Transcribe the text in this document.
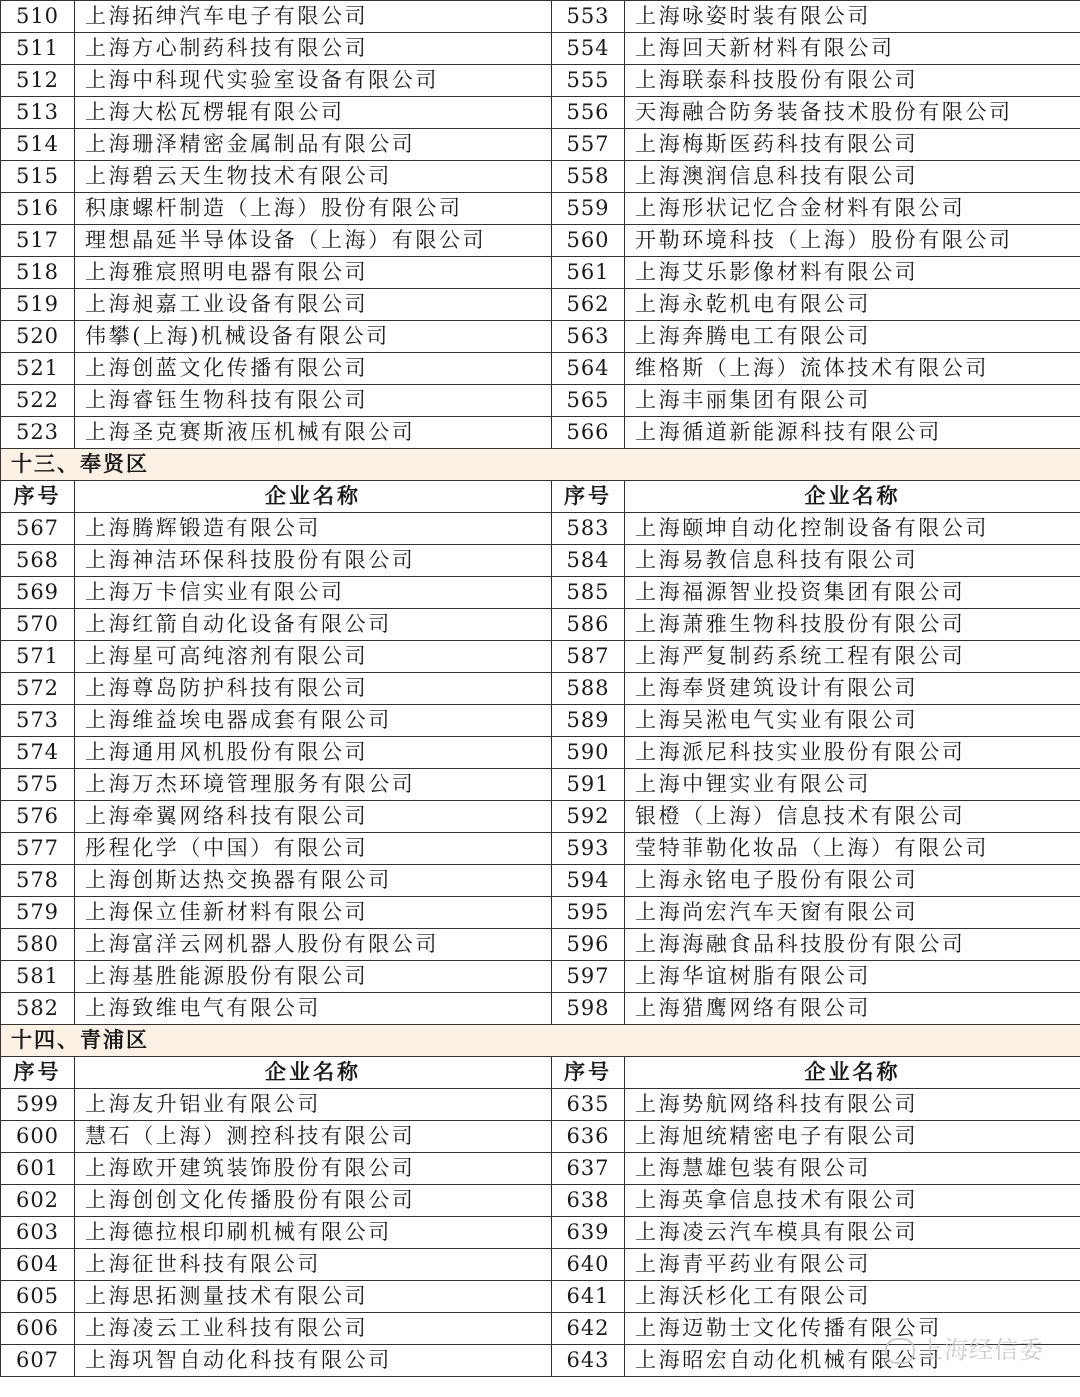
510	上海拓绅汽车电子有限公司	553	上海咏姿时装有限公司
511	上海方心制药科技有限公司	554	上海回天新材料有限公司
512	上海中科现代实验室设备有限公司	555	上海联泰科技股份有限公司
513	上海大松瓦楞辊有限公司	556	天海融合防务装备技术股份有限公司
514	上海珊泽精密金属制品有限公司	557	上海梅斯医药科技有限公司
515	上海碧云天生物技术有限公司	558	上海澳润信息科技有限公司
516	积康螺杆制造（上海）股份有限公司	559	上海形状记忆合金材料有限公司
517	理想晶延半导体设备（上海）有限公司	560	开勒环境科技（上海）股份有限公司
518	上海雅宸照明电器有限公司	561	上海艾乐影像材料有限公司
519	上海昶嘉工业设备有限公司	562	上海永乾机电有限公司
520	伟攀(上海)机械设备有限公司	563	上海奔腾电工有限公司
521	上海创蓝文化传播有限公司	564	维格斯（上海）流体技术有限公司
522	上海睿钰生物科技有限公司	565	上海丰丽集团有限公司
523	上海圣克赛斯液压机械有限公司	566	上海循道新能源科技有限公司
十三、奉贤区			
序号	企业名称	序号	企业名称
567	上海腾辉锻造有限公司	583	上海颐坤自动化控制设备有限公司
568	上海神洁环保科技股份有限公司	584	上海易教信息科技有限公司
569	上海万卡信实业有限公司	585	上海福源智业投资集团有限公司
570	上海红箭自动化设备有限公司	586	上海萧雅生物科技股份有限公司
571	上海星可高纯溶剂有限公司	587	上海严复制药系统工程有限公司
572	上海尊岛防护科技有限公司	588	上海奉贤建筑设计有限公司
573	上海维益埃电器成套有限公司	589	上海吴淞电气实业有限公司
574	上海通用风机股份有限公司	590	上海派尼科技实业股份有限公司
575	上海万杰环境管理服务有限公司	591	上海中锂实业有限公司
576	上海牵翼网络科技有限公司	592	银橙（上海）信息技术有限公司
577	彤程化学（中国）有限公司	593	莹特菲勒化妆品（上海）有限公司
578	上海创斯达热交换器有限公司	594	上海永铭电子股份有限公司
579	上海保立佳新材料有限公司	595	上海尚宏汽车天窗有限公司
580	上海富洋云网机器人股份有限公司	596	上海海融食品科技股份有限公司
581	上海基胜能源股份有限公司	597	上海华谊树脂有限公司
582	上海致维电气有限公司	598	上海猎鹰网络有限公司
十四、青浦区			
序号	企业名称	序号	企业名称
599	上海友升铝业有限公司	635	上海势航网络科技有限公司
600	慧石（上海）测控科技有限公司	636	上海旭统精密电子有限公司
601	上海欧开建筑装饰股份有限公司	637	上海慧雄包装有限公司
602	上海创创文化传播股份有限公司	638	上海英拿信息技术有限公司
603	上海德拉根印刷机械有限公司	639	上海凌云汽车模具有限公司
604	上海征世科技有限公司	640	上海青平药业有限公司
605	上海思拓测量技术有限公司	641	上海沃杉化工有限公司
606	上海凌云工业科技有限公司	642	上海迈勒士文化传播有限公司
607	上海巩智自动化科技有限公司	643	上海昭宏自动化机械有限公司
上海经信委
